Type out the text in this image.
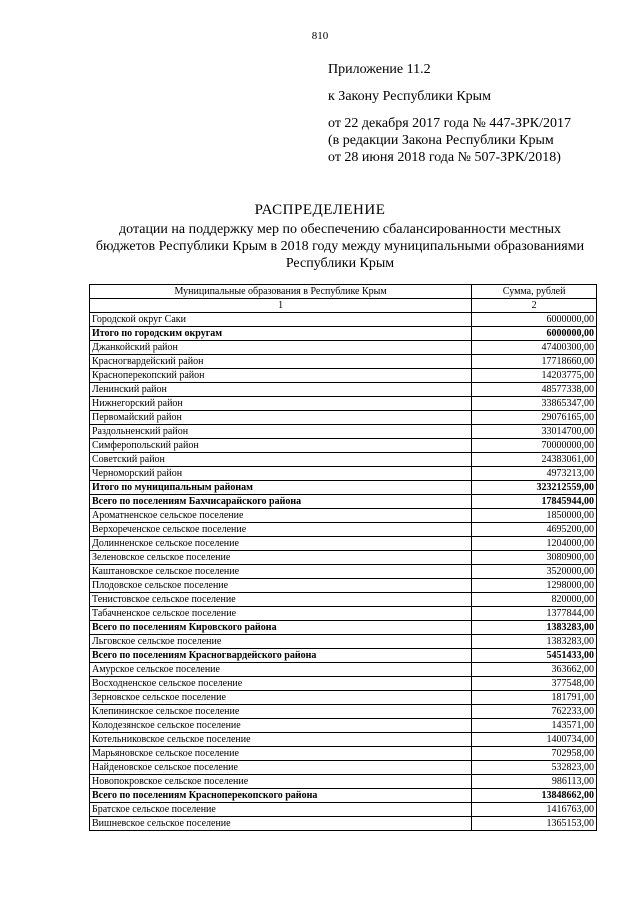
810
Приложение 11.2
к Закону Республики Крым
от 22 декабря 2017 года № 447-ЗРК/2017
(в редакции Закона Республики Крым
от 28 июня 2018 года № 507-ЗРК/2018)
РАСПРЕДЕЛЕНИЕ
дотации на поддержку мер по обеспечению сбалансированности местных бюджетов Республики Крым в 2018 году между муниципальными образованиями Республики Крым
Муниципальные образования в Республике Крым	Сумма, рублей
1	2
Городской округ Саки	6000000,00
Итого по городским округам	6000000,00
Джанкойский район	47400300,00
Красногвардейский район	17718660,00
Красноперекопский район	14203775,00
Ленинский район	48577338,00
Нижнегорский район	33865347,00
Первомайский район	29076165,00
Раздольненский район	33014700,00
Симферопольский район	70000000,00
Советский район	24383061,00
Черноморский район	4973213,00
Итого по муниципальным районам	323212559,00
Всего по поселениям Бахчисарайского района	17845944,00
Ароматненское сельское поселение	1850000,00
Верхореченское сельское поселение	4695200,00
Долинненское сельское поселение	1204000,00
Зеленовское сельское поселение	3080900,00
Каштановское сельское поселение	3520000,00
Плодовское сельское поселение	1298000,00
Тенистовское сельское поселение	820000,00
Табачненское сельское поселение	1377844,00
Всего по поселениям Кировского района	1383283,00
Льговское сельское поселение	1383283,00
Всего по поселениям Красногвардейского района	5451433,00
Амурское сельское поселение	363662,00
Восходненское сельское поселение	377548,00
Зерновское сельское поселение	181791,00
Клепининское сельское поселение	762233,00
Колодезянское сельское поселение	143571,00
Котельниковское сельское поселение	1400734,00
Марьяновское сельское поселение	702958,00
Найденовское сельское поселение	532823,00
Новопокровское сельское поселение	986113,00
Всего по поселениям Красноперекопского района	13848662,00
Братское сельское поселение	1416763,00
Вишневское сельское поселение	1365153,00
